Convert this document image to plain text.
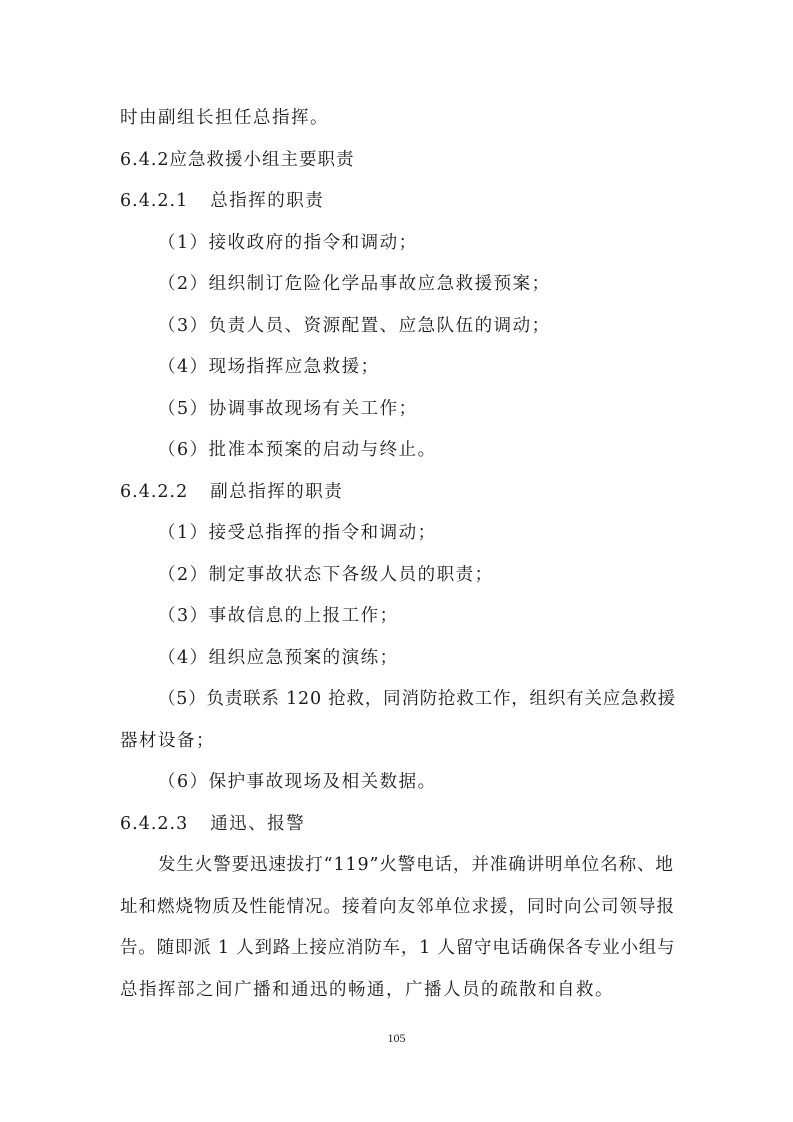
时由副组长担任总指挥。
6.4.2应急救援小组主要职责
6.4.2.1 总指挥的职责
（1）接收政府的指令和调动；
（2）组织制订危险化学品事故应急救援预案；
（3）负责人员、资源配置、应急队伍的调动；
（4）现场指挥应急救援；
（5）协调事故现场有关工作；
（6）批准本预案的启动与终止。
6.4.2.2 副总指挥的职责
（1）接受总指挥的指令和调动；
（2）制定事故状态下各级人员的职责；
（3）事故信息的上报工作；
（4）组织应急预案的演练；
（5）负责联系 120 抢救，同消防抢救工作，组织有关应急救援
器材设备；
（6）保护事故现场及相关数据。
6.4.2.3 通迅、报警
发生火警要迅速拔打“119”火警电话，并准确讲明单位名称、地
址和燃烧物质及性能情况。接着向友邻单位求援，同时向公司领导报
告。随即派 1 人到路上接应消防车，1 人留守电话确保各专业小组与
总指挥部之间广播和通迅的畅通，广播人员的疏散和自救。
105
